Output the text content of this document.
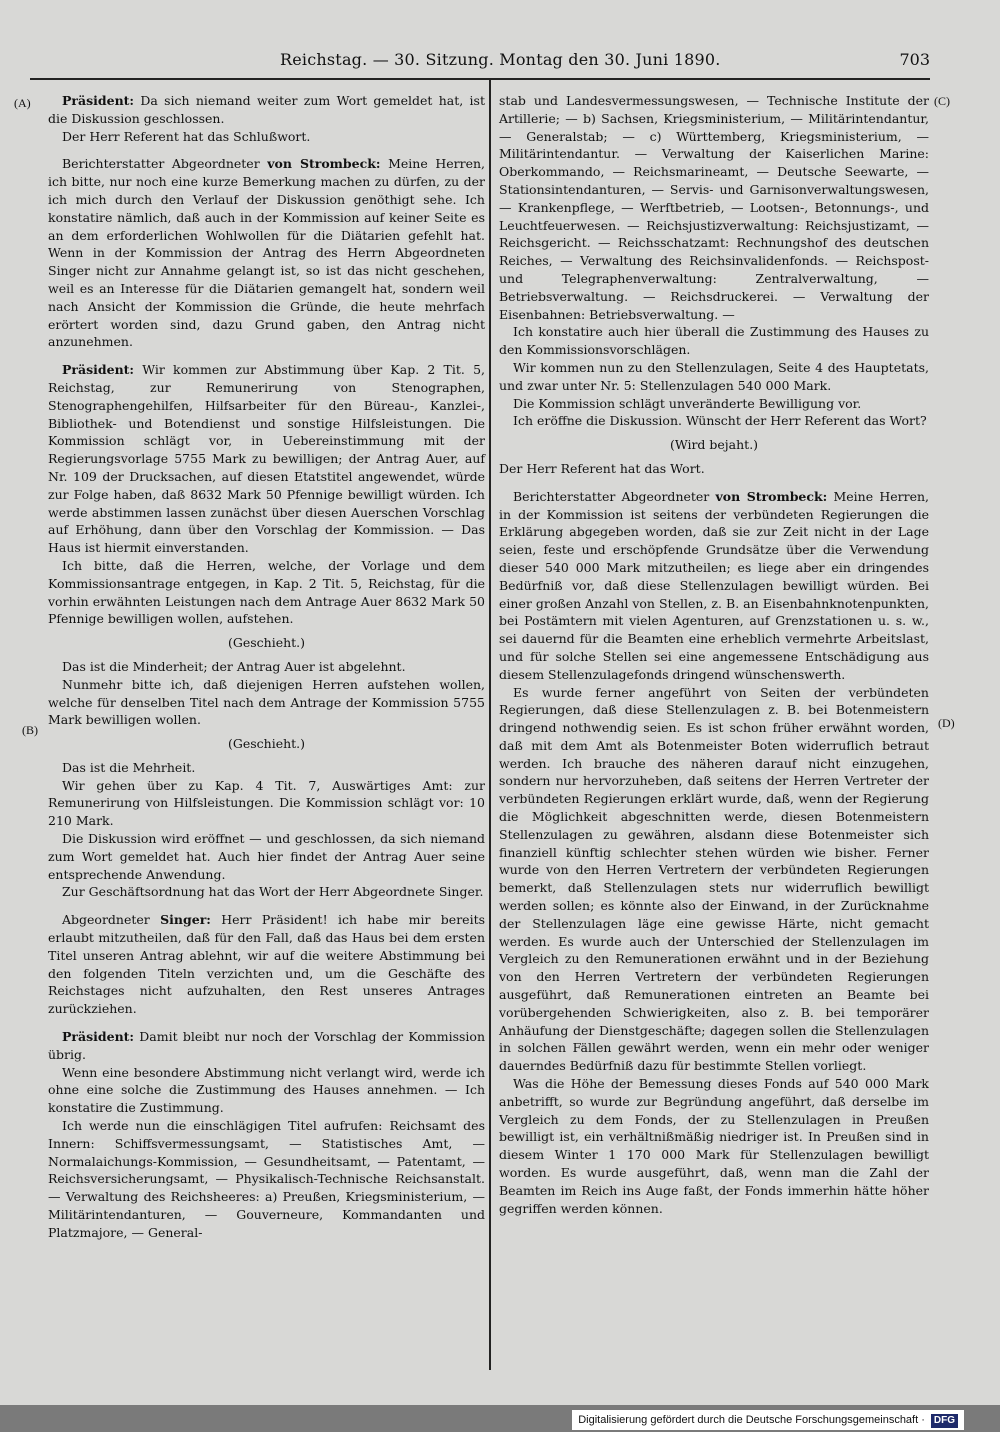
Reichstag. — 30. Sitzung. Montag den 30. Juni 1890.	703
(A)
(B)
(C)
(D)

Präsident: Da sich niemand weiter zum Wort gemeldet hat, ist die Diskussion geschlossen.

Der Herr Referent hat das Schlußwort.

Berichterstatter Abgeordneter von Strombeck: Meine Herren, ich bitte, nur noch eine kurze Bemerkung machen zu dürfen, zu der ich mich durch den Verlauf der Diskussion genöthigt sehe. Ich konstatire nämlich, daß auch in der Kommission auf keiner Seite es an dem erforderlichen Wohlwollen für die Diätarien gefehlt hat. Wenn in der Kommission der Antrag des Herrn Abgeordneten Singer nicht zur Annahme gelangt ist, so ist das nicht geschehen, weil es an Interesse für die Diätarien gemangelt hat, sondern weil nach Ansicht der Kommission die Gründe, die heute mehrfach erörtert worden sind, dazu Grund gaben, den Antrag nicht anzunehmen.

Präsident: Wir kommen zur Abstimmung über Kap. 2 Tit. 5, Reichstag, zur Remunerirung von Stenographen, Stenographengehilfen, Hilfsarbeiter für den Büreau-, Kanzlei-, Bibliothek- und Botendienst und sonstige Hilfsleistungen. Die Kommission schlägt vor, in Uebereinstimmung mit der Regierungsvorlage 5755 Mark zu bewilligen; der Antrag Auer, auf Nr. 109 der Drucksachen, auf diesen Etatstitel angewendet, würde zur Folge haben, daß 8632 Mark 50 Pfennige bewilligt würden. Ich werde abstimmen lassen zunächst über diesen Auerschen Vorschlag auf Erhöhung, dann über den Vorschlag der Kommission. — Das Haus ist hiermit einverstanden.

Ich bitte, daß die Herren, welche, der Vorlage und dem Kommissionsantrage entgegen, in Kap. 2 Tit. 5, Reichstag, für die vorhin erwähnten Leistungen nach dem Antrage Auer 8632 Mark 50 Pfennige bewilligen wollen, aufstehen.

(Geschieht.)

Das ist die Minderheit; der Antrag Auer ist abgelehnt.

Nunmehr bitte ich, daß diejenigen Herren aufstehen wollen, welche für denselben Titel nach dem Antrage der Kommission 5755 Mark bewilligen wollen.

(Geschieht.)

Das ist die Mehrheit.

Wir gehen über zu Kap. 4 Tit. 7, Auswärtiges Amt: zur Remunerirung von Hilfsleistungen. Die Kommission schlägt vor: 10 210 Mark.

Die Diskussion wird eröffnet — und geschlossen, da sich niemand zum Wort gemeldet hat. Auch hier findet der Antrag Auer seine entsprechende Anwendung.

Zur Geschäftsordnung hat das Wort der Herr Abgeordnete Singer.

Abgeordneter Singer: Herr Präsident! ich habe mir bereits erlaubt mitzutheilen, daß für den Fall, daß das Haus bei dem ersten Titel unseren Antrag ablehnt, wir auf die weitere Abstimmung bei den folgenden Titeln verzichten und, um die Geschäfte des Reichstages nicht aufzuhalten, den Rest unseres Antrages zurückziehen.

Präsident: Damit bleibt nur noch der Vorschlag der Kommission übrig.

Wenn eine besondere Abstimmung nicht verlangt wird, werde ich ohne eine solche die Zustimmung des Hauses annehmen. — Ich konstatire die Zustimmung.

Ich werde nun die einschlägigen Titel aufrufen: Reichsamt des Innern: Schiffsvermessungsamt, — Statistisches Amt, — Normalaichungs-Kommission, — Gesundheitsamt, — Patentamt, — Reichsversicherungsamt, — Physikalisch-Technische Reichsanstalt. — Verwaltung des Reichsheeres: a) Preußen, Kriegsministerium, — Militärintendanturen, — Gouverneure, Kommandanten und Platzmajore, — General-

stab und Landesvermessungswesen, — Technische Institute der Artillerie; — b) Sachsen, Kriegsministerium, — Militärintendantur, — Generalstab; — c) Württemberg, Kriegsministerium, — Militärintendantur. — Verwaltung der Kaiserlichen Marine: Oberkommando, — Reichsmarineamt, — Deutsche Seewarte, — Stationsintendanturen, — Servis- und Garnisonverwaltungswesen, — Krankenpflege, — Werftbetrieb, — Lootsen-, Betonnungs-, und Leuchtfeuerwesen. — Reichsjustizverwaltung: Reichsjustizamt, — Reichsgericht. — Reichsschatzamt: Rechnungshof des deutschen Reiches, — Verwaltung des Reichsinvalidenfonds. — Reichspost- und Telegraphenverwaltung: Zentralverwaltung, — Betriebsverwaltung. — Reichsdruckerei. — Verwaltung der Eisenbahnen: Betriebsverwaltung. —

Ich konstatire auch hier überall die Zustimmung des Hauses zu den Kommissionsvorschlägen.

Wir kommen nun zu den Stellenzulagen, Seite 4 des Hauptetats, und zwar unter Nr. 5: Stellenzulagen 540 000 Mark.

Die Kommission schlägt unveränderte Bewilligung vor.

Ich eröffne die Diskussion. Wünscht der Herr Referent das Wort?

(Wird bejaht.)

Der Herr Referent hat das Wort.

Berichterstatter Abgeordneter von Strombeck: Meine Herren, in der Kommission ist seitens der verbündeten Regierungen die Erklärung abgegeben worden, daß sie zur Zeit nicht in der Lage seien, feste und erschöpfende Grundsätze über die Verwendung dieser 540 000 Mark mitzutheilen; es liege aber ein dringendes Bedürfniß vor, daß diese Stellenzulagen bewilligt würden. Bei einer großen Anzahl von Stellen, z. B. an Eisenbahnknotenpunkten, bei Postämtern mit vielen Agenturen, auf Grenzstationen u. s. w., sei dauernd für die Beamten eine erheblich vermehrte Arbeitslast, und für solche Stellen sei eine angemessene Entschädigung aus diesem Stellenzulagefonds dringend wünschenswerth.

Es wurde ferner angeführt von Seiten der verbündeten Regierungen, daß diese Stellenzulagen z. B. bei Botenmeistern dringend nothwendig seien. Es ist schon früher erwähnt worden, daß mit dem Amt als Botenmeister Boten widerruflich betraut werden. Ich brauche des näheren darauf nicht einzugehen, sondern nur hervorzuheben, daß seitens der Herren Vertreter der verbündeten Regierungen erklärt wurde, daß, wenn der Regierung die Möglichkeit abgeschnitten werde, diesen Botenmeistern Stellenzulagen zu gewähren, alsdann diese Botenmeister sich finanziell künftig schlechter stehen würden wie bisher. Ferner wurde von den Herren Vertretern der verbündeten Regierungen bemerkt, daß Stellenzulagen stets nur widerruflich bewilligt werden sollen; es könnte also der Einwand, in der Zurücknahme der Stellenzulagen läge eine gewisse Härte, nicht gemacht werden. Es wurde auch der Unterschied der Stellenzulagen im Vergleich zu den Remunerationen erwähnt und in der Beziehung von den Herren Vertretern der verbündeten Regierungen ausgeführt, daß Remunerationen eintreten an Beamte bei vorübergehenden Schwierigkeiten, also z. B. bei temporärer Anhäufung der Dienstgeschäfte; dagegen sollen die Stellenzulagen in solchen Fällen gewährt werden, wenn ein mehr oder weniger dauerndes Bedürfniß dazu für bestimmte Stellen vorliegt.

Was die Höhe der Bemessung dieses Fonds auf 540 000 Mark anbetrifft, so wurde zur Begründung angeführt, daß derselbe im Vergleich zu dem Fonds, der zu Stellenzulagen in Preußen bewilligt ist, ein verhältnißmäßig niedriger ist. In Preußen sind in diesem Winter 1 170 000 Mark für Stellenzulagen bewilligt worden. Es wurde ausgeführt, daß, wenn man die Zahl der Beamten im Reich ins Auge faßt, der Fonds immerhin hätte höher gegriffen werden können.

Digitalisierung gefördert durch die Deutsche Forschungsgemeinschaft · DFG
